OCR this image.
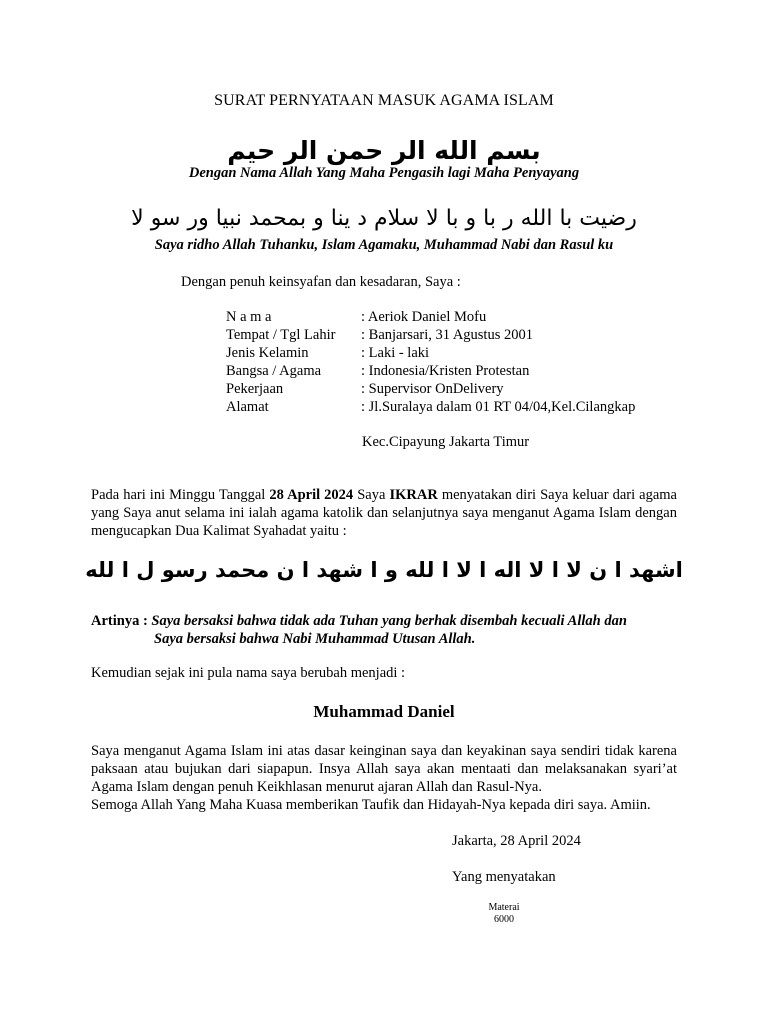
SURAT PERNYATAAN MASUK AGAMA ISLAM
بسم الله الر حمن الر حيم
Dengan Nama Allah Yang Maha Pengasih lagi Maha Penyayang
رضيت با الله ر با و با لا سلام د ينا و بمحمد نبيا ور سو لا
Saya ridho Allah Tuhanku, Islam Agamaku, Muhammad Nabi dan Rasul ku
Dengan penuh keinsyafan dan kesadaran, Saya :
N a m a	: Aeriok Daniel Mofu
Tempat / Tgl Lahir	: Banjarsari, 31 Agustus 2001
Jenis Kelamin	: Laki - laki
Bangsa / Agama	: Indonesia/Kristen Protestan
Pekerjaan	: Supervisor OnDelivery
Alamat	: Jl.Suralaya dalam 01 RT 04/04,Kel.Cilangkap
Kec.Cipayung Jakarta Timur
Pada hari ini Minggu Tanggal 28 April 2024 Saya IKRAR menyatakan diri Saya keluar dari agama yang Saya anut selama ini ialah agama katolik dan selanjutnya saya menganut Agama Islam dengan mengucapkan Dua Kalimat Syahadat yaitu :
اشهد ا ن لا ا لا اله ا لا ا لله و ا شهد ا ن محمد رسو ل ا لله
Artinya : Saya bersaksi bahwa tidak ada Tuhan yang berhak disembah kecuali Allah dan
Saya bersaksi bahwa Nabi Muhammad Utusan Allah.
Kemudian sejak ini pula nama saya berubah menjadi :
Muhammad Daniel
Saya menganut Agama Islam ini atas dasar keinginan saya dan keyakinan saya sendiri tidak karena paksaan atau bujukan dari siapapun. Insya Allah saya akan mentaati dan melaksanakan syari’at Agama Islam dengan penuh Keikhlasan menurut ajaran Allah dan Rasul-Nya.
Semoga Allah Yang Maha Kuasa memberikan Taufik dan Hidayah-Nya kepada diri saya. Amiin.
Jakarta, 28 April 2024
Yang menyatakan
Materai
6000
